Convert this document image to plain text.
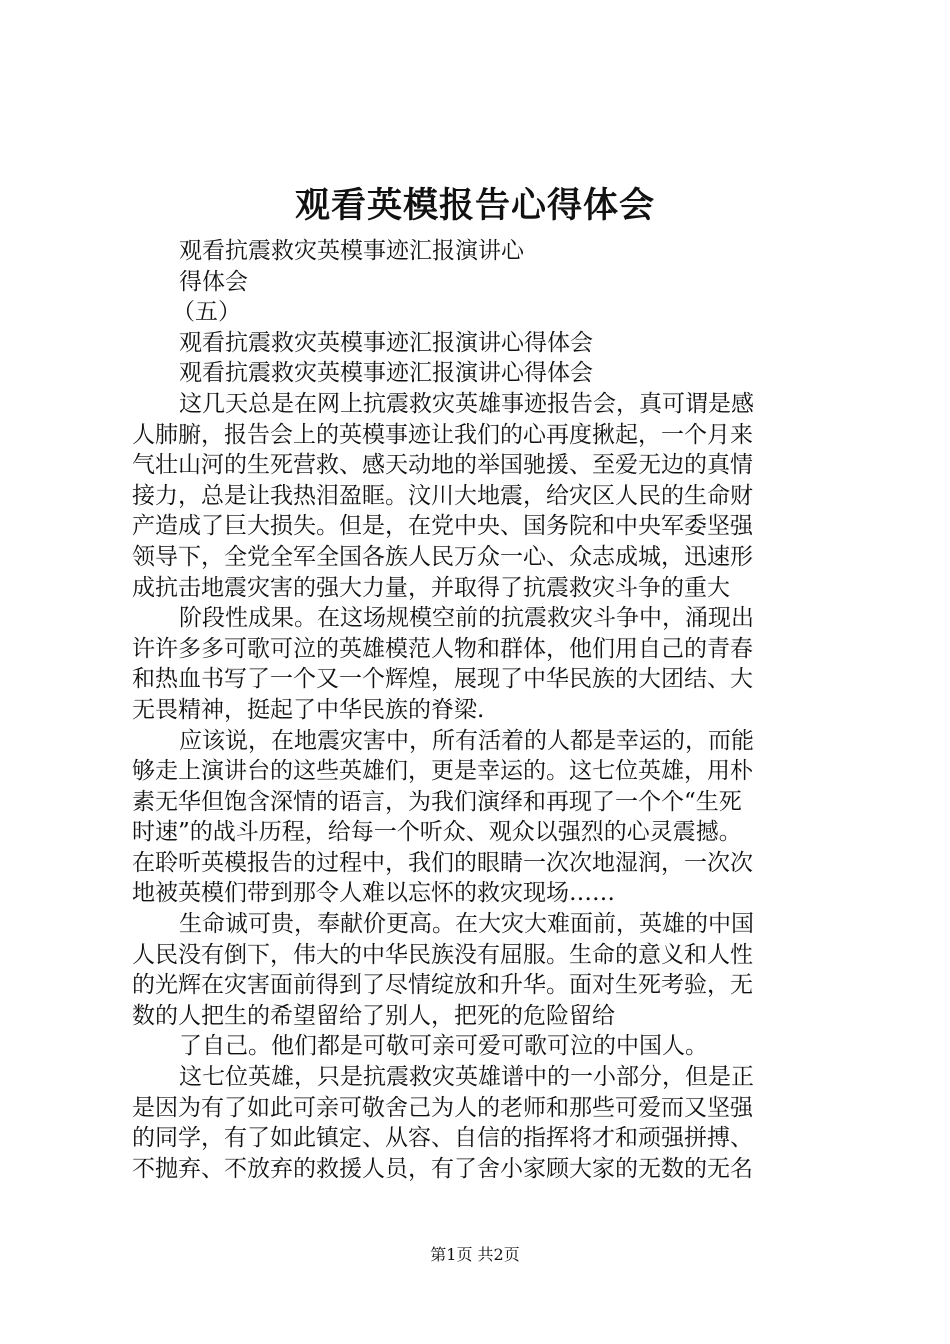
观看英模报告心得体会
观看抗震救灾英模事迹汇报演讲心
得体会
（五）
观看抗震救灾英模事迹汇报演讲心得体会
观看抗震救灾英模事迹汇报演讲心得体会
这几天总是在网上抗震救灾英雄事迹报告会，真可谓是感
人肺腑，报告会上的英模事迹让我们的心再度揪起，一个月来
气壮山河的生死营救、感天动地的举国驰援、至爱无边的真情
接力，总是让我热泪盈眶。汶川大地震，给灾区人民的生命财
产造成了巨大损失。但是，在党中央、国务院和中央军委坚强
领导下，全党全军全国各族人民万众一心、众志成城，迅速形
成抗击地震灾害的强大力量，并取得了抗震救灾斗争的重大
阶段性成果。在这场规模空前的抗震救灾斗争中，涌现出
许许多多可歌可泣的英雄模范人物和群体，他们用自己的青春
和热血书写了一个又一个辉煌，展现了中华民族的大团结、大
无畏精神，挺起了中华民族的脊梁.
应该说，在地震灾害中，所有活着的人都是幸运的，而能
够走上演讲台的这些英雄们，更是幸运的。这七位英雄，用朴
素无华但饱含深情的语言，为我们演绎和再现了一个个“生死
时速”的战斗历程，给每一个听众、观众以强烈的心灵震撼。
在聆听英模报告的过程中，我们的眼睛一次次地湿润，一次次
地被英模们带到那令人难以忘怀的救灾现场……
生命诚可贵，奉献价更高。在大灾大难面前，英雄的中国
人民没有倒下，伟大的中华民族没有屈服。生命的意义和人性
的光辉在灾害面前得到了尽情绽放和升华。面对生死考验，无
数的人把生的希望留给了别人，把死的危险留给
了自己。他们都是可敬可亲可爱可歌可泣的中国人。
这七位英雄，只是抗震救灾英雄谱中的一小部分，但是正
是因为有了如此可亲可敬舍己为人的老师和那些可爱而又坚强
的同学，有了如此镇定、从容、自信的指挥将才和顽强拼搏、
不抛弃、不放弃的救援人员，有了舍小家顾大家的无数的无名
第1页 共2页
